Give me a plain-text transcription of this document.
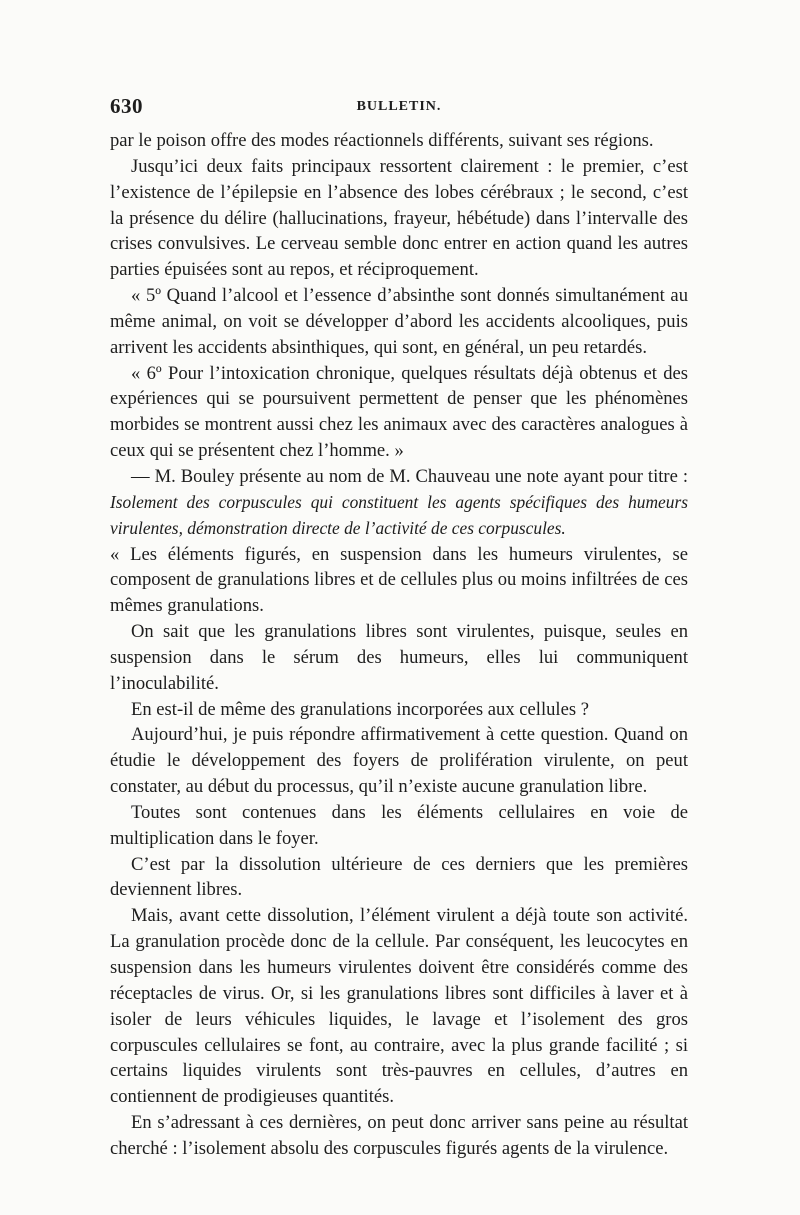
630	BULLETIN.

par le poison offre des modes réactionnels différents, suivant ses régions.

Jusqu’ici deux faits principaux ressortent clairement : le premier, c’est l’existence de l’épilepsie en l’absence des lobes cérébraux ; le second, c’est la présence du délire (hallucinations, frayeur, hébétude) dans l’intervalle des crises convulsives. Le cerveau semble donc entrer en action quand les autres parties épuisées sont au repos, et réciproquement.

« 5º Quand l’alcool et l’essence d’absinthe sont donnés simultanément au même animal, on voit se développer d’abord les accidents alcooliques, puis arrivent les accidents absinthiques, qui sont, en général, un peu retardés.

« 6º Pour l’intoxication chronique, quelques résultats déjà obtenus et des expériences qui se poursuivent permettent de penser que les phénomènes morbides se montrent aussi chez les animaux avec des caractères analogues à ceux qui se présentent chez l’homme. »

— M. Bouley présente au nom de M. Chauveau une note ayant pour titre : Isolement des corpuscules qui constituent les agents spécifiques des humeurs virulentes, démonstration directe de l’activité de ces corpuscules.

« Les éléments figurés, en suspension dans les humeurs virulentes, se composent de granulations libres et de cellules plus ou moins infiltrées de ces mêmes granulations.

On sait que les granulations libres sont virulentes, puisque, seules en suspension dans le sérum des humeurs, elles lui communiquent l’inoculabilité.

En est-il de même des granulations incorporées aux cellules ?

Aujourd’hui, je puis répondre affirmativement à cette question. Quand on étudie le développement des foyers de prolifération virulente, on peut constater, au début du processus, qu’il n’existe aucune granulation libre.

Toutes sont contenues dans les éléments cellulaires en voie de multiplication dans le foyer.

C’est par la dissolution ultérieure de ces derniers que les premières deviennent libres.

Mais, avant cette dissolution, l’élément virulent a déjà toute son activité. La granulation procède donc de la cellule. Par conséquent, les leucocytes en suspension dans les humeurs virulentes doivent être considérés comme des réceptacles de virus. Or, si les granulations libres sont difficiles à laver et à isoler de leurs véhicules liquides, le lavage et l’isolement des gros corpuscules cellulaires se font, au contraire, avec la plus grande facilité ; si certains liquides virulents sont très-pauvres en cellules, d’autres en contiennent de prodigieuses quantités.

En s’adressant à ces dernières, on peut donc arriver sans peine au résultat cherché : l’isolement absolu des corpuscules figurés agents de la virulence.
